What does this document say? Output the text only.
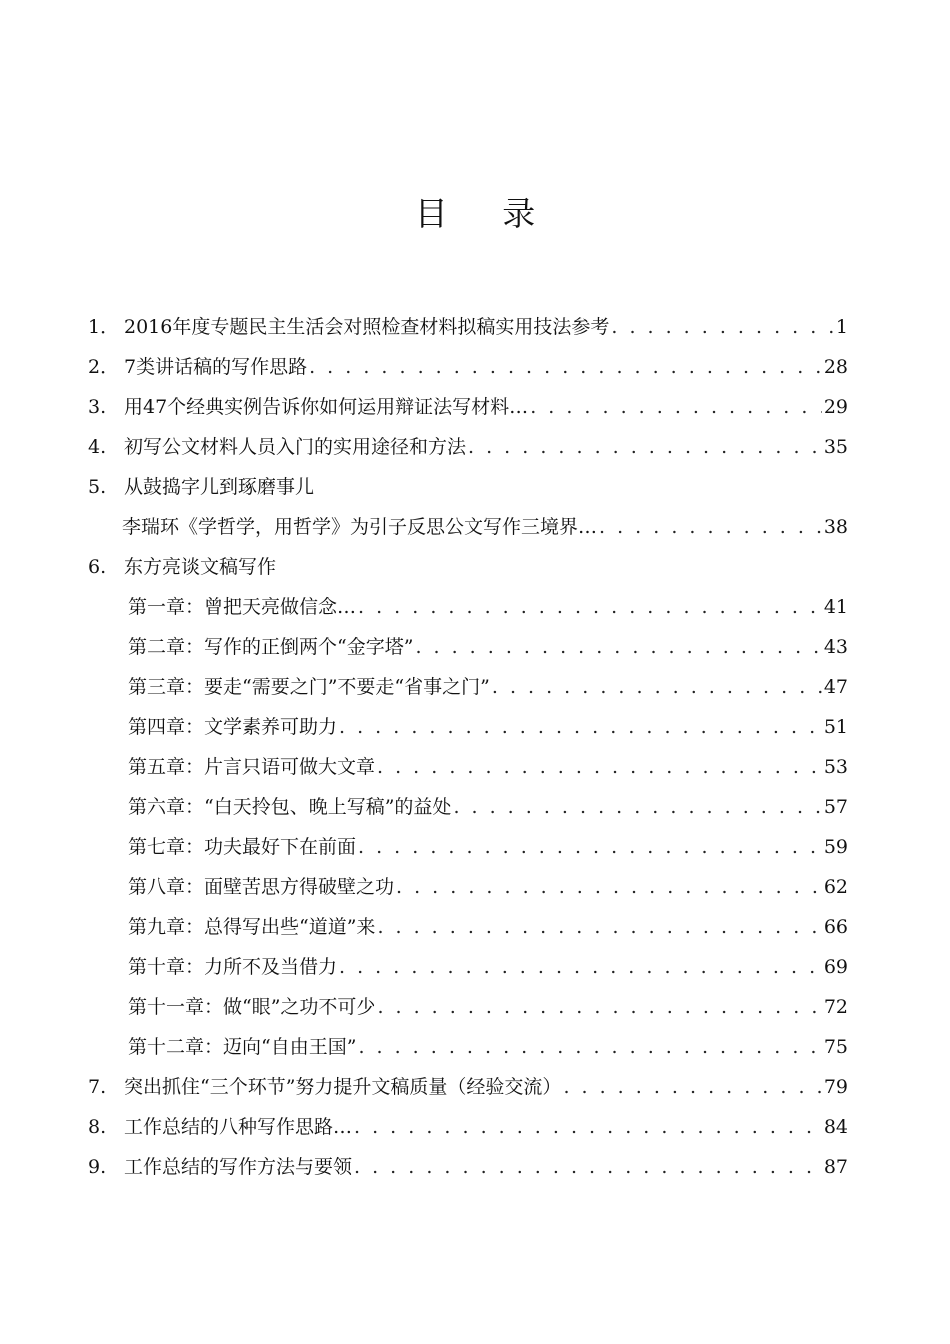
目 录
1． 2016年度专题民主生活会对照检查材料拟稿实用技法参考 . . .	1
2． 7类讲话稿的写作思路 . . .	28
3. 用47个经典实例告诉你如何运用辩证法写材料… . . .	29
4. 初写公文材料人员入门的实用途径和方法 . . .	35
5. 从鼓捣字儿到琢磨事儿
李瑞环《学哲学，用哲学》为引子反思公文写作三境界… . . .	38
6. 东方亮谈文稿写作
第一章：曾把天亮做信念… . . .	41
第二章：写作的正倒两个“金字塔” . . .	43
第三章：要走“需要之门”不要走“省事之门” . . .	47
第四章：文学素养可助力 . . .	51
第五章：片言只语可做大文章 . . .	53
第六章：“白天拎包、晚上写稿”的益处 . . .	57
第七章：功夫最好下在前面 . . .	59
第八章：面壁苦思方得破壁之功 . . .	62
第九章：总得写出些“道道”来 . . .	66
第十章：力所不及当借力 . . .	69
第十一章：做“眼”之功不可少 . . .	72
第十二章：迈向“自由王国” . . .	75
7. 突出抓住“三个环节”努力提升文稿质量（经验交流） . . .	79
8. 工作总结的八种写作思路… . . .	84
9. 工作总结的写作方法与要领 . . .	87
